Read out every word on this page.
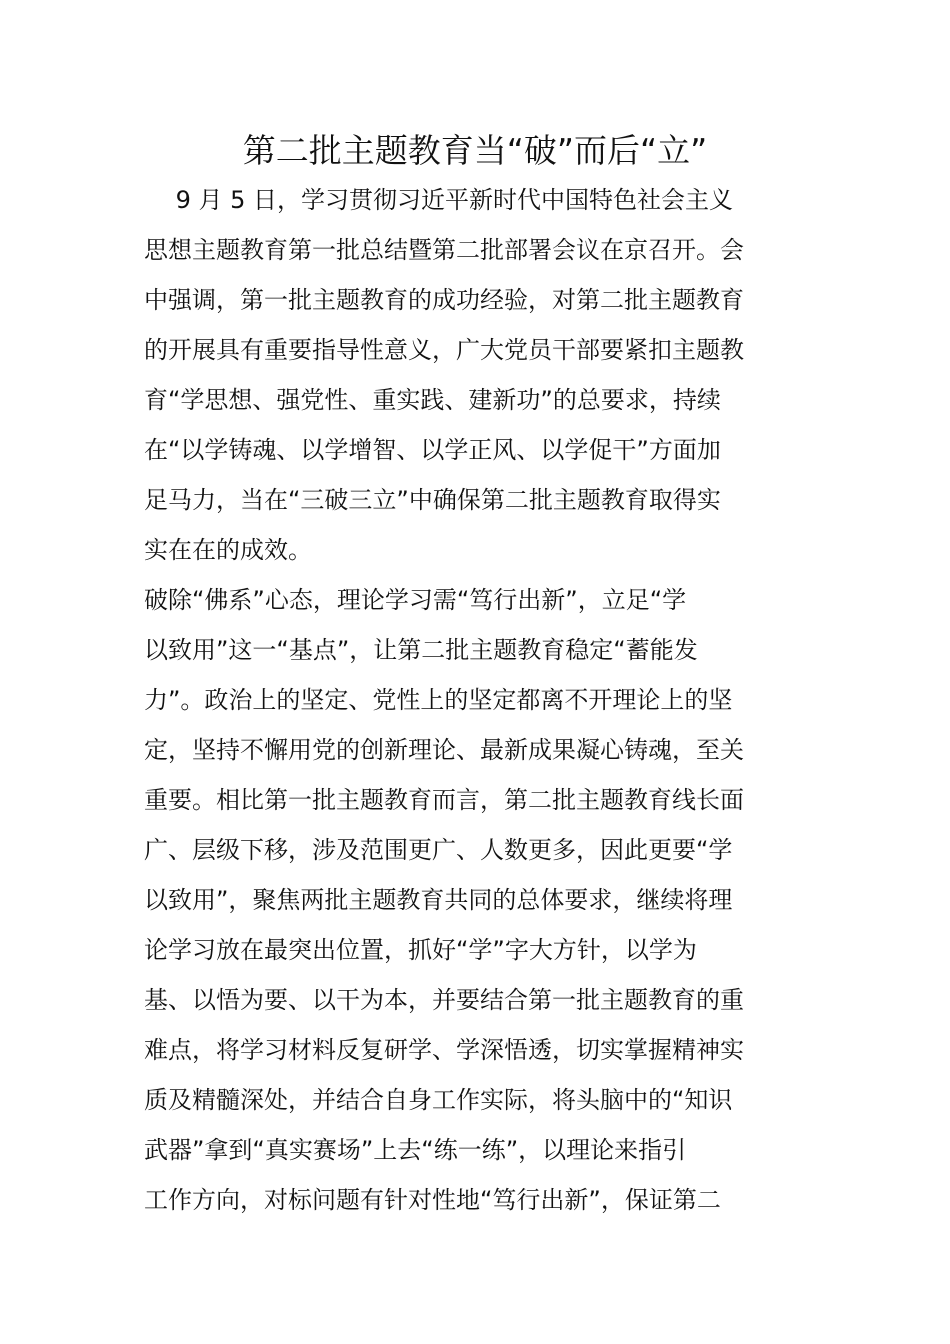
第二批主题教育当“破”而后“立”
　 9 月 5 日，学习贯彻习近平新时代中国特色社会主义
思想主题教育第一批总结暨第二批部署会议在京召开。会
中强调，第一批主题教育的成功经验，对第二批主题教育
的开展具有重要指导性意义，广大党员干部要紧扣主题教
育“学思想、强党性、重实践、建新功”的总要求，持续
在“以学铸魂、以学增智、以学正风、以学促干”方面加
足马力，当在“三破三立”中确保第二批主题教育取得实
实在在的成效。
破除“佛系”心态，理论学习需“笃行出新”，立足“学
以致用”这一“基点”，让第二批主题教育稳定“蓄能发
力”。政治上的坚定、党性上的坚定都离不开理论上的坚
定，坚持不懈用党的创新理论、最新成果凝心铸魂，至关
重要。相比第一批主题教育而言，第二批主题教育线长面
广、层级下移，涉及范围更广、人数更多，因此更要“学
以致用”，聚焦两批主题教育共同的总体要求，继续将理
论学习放在最突出位置，抓好“学”字大方针，以学为
基、以悟为要、以干为本，并要结合第一批主题教育的重
难点，将学习材料反复研学、学深悟透，切实掌握精神实
质及精髓深处，并结合自身工作实际，将头脑中的“知识
武器”拿到“真实赛场”上去“练一练”，以理论来指引
工作方向，对标问题有针对性地“笃行出新”，保证第二
